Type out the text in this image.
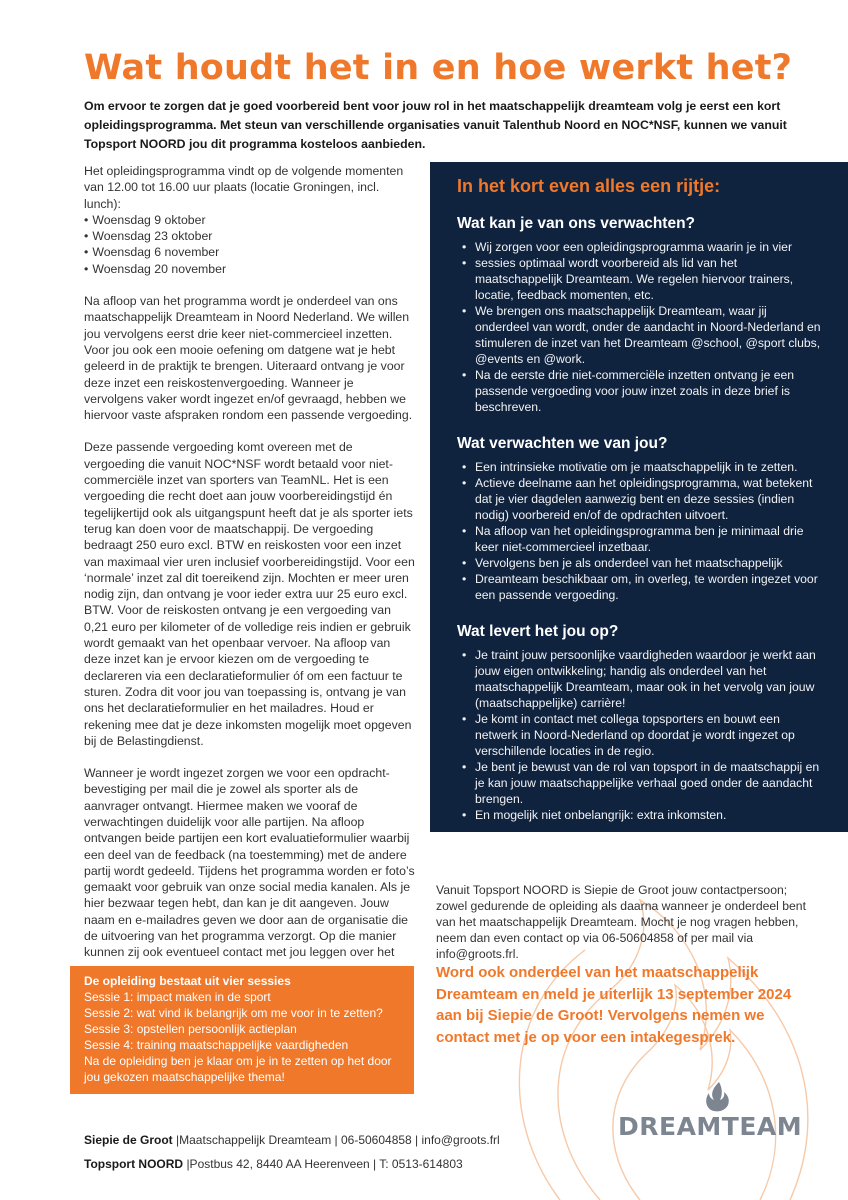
Wat houdt het in en hoe werkt het?

Om ervoor te zorgen dat je goed voorbereid bent voor jouw rol in het maatschappelijk dreamteam volg je eerst een kort opleidingsprogramma. Met steun van verschillende organisaties vanuit Talenthub Noord en NOC*NSF, kunnen we vanuit Topsport NOORD jou dit programma kosteloos aanbieden.

Het opleidingsprogramma vindt op de volgende momenten van 12.00 tot 16.00 uur plaats (locatie Groningen, incl. lunch):
• Woensdag 9 oktober
• Woensdag 23 oktober
• Woensdag 6 november
• Woensdag 20 november

Na afloop van het programma wordt je onderdeel van ons maatschappelijk Dreamteam in Noord Nederland. We willen jou vervolgens eerst drie keer niet-commercieel inzetten. Voor jou ook een mooie oefening om datgene wat je hebt geleerd in de praktijk te brengen. Uiteraard ontvang je voor deze inzet een reiskostenvergoeding. Wanneer je vervolgens vaker wordt ingezet en/of gevraagd, hebben we hiervoor vaste afspraken rondom een passende vergoeding.

Deze passende vergoeding komt overeen met de vergoeding die vanuit NOC*NSF wordt betaald voor niet-commerciële inzet van sporters van TeamNL. Het is een vergoeding die recht doet aan jouw voorbereidingstijd én tegelijkertijd ook als uitgangspunt heeft dat je als sporter iets terug kan doen voor de maatschappij. De vergoeding bedraagt 250 euro excl. BTW en reiskosten voor een inzet van maximaal vier uren inclusief voorbereidingstijd. Voor een ‘normale’ inzet zal dit toereikend zijn. Mochten er meer uren nodig zijn, dan ontvang je voor ieder extra uur 25 euro excl. BTW. Voor de reiskosten ontvang je een vergoeding van 0,21 euro per kilometer of de volledige reis indien er gebruik wordt gemaakt van het openbaar vervoer. Na afloop van deze inzet kan je ervoor kiezen om de vergoeding te declareren via een declaratieformulier óf om een factuur te sturen. Zodra dit voor jou van toepassing is, ontvang je van ons het declaratieformulier en het mailadres. Houd er rekening mee dat je deze inkomsten mogelijk moet opgeven bij de Belastingdienst.

Wanneer je wordt ingezet zorgen we voor een opdracht-bevestiging per mail die je zowel als sporter als de aanvrager ontvangt. Hiermee maken we vooraf de verwachtingen duidelijk voor alle partijen. Na afloop ontvangen beide partijen een kort evaluatieformulier waarbij een deel van de feedback (na toestemming) met de andere partij wordt gedeeld. Tijdens het programma worden er foto’s gemaakt voor gebruik van onze social media kanalen. Als je hier bezwaar tegen hebt, dan kan je dit aangeven. Jouw naam en e-mailadres geven we door aan de organisatie die de uitvoering van het programma verzorgt. Op die manier kunnen zij ook eventueel contact met jou leggen over het

De opleiding bestaat uit vier sessies
Sessie 1: impact maken in de sport
Sessie 2: wat vind ik belangrijk om me voor in te zetten?
Sessie 3: opstellen persoonlijk actieplan
Sessie 4: training maatschappelijke vaardigheden
Na de opleiding ben je klaar om je in te zetten op het door jou gekozen maatschappelijke thema!
In het kort even alles een rijtje:
Wat kan je van ons verwachten?
• Wij zorgen voor een opleidingsprogramma waarin je in vier
• sessies optimaal wordt voorbereid als lid van het maatschappelijk Dreamteam. We regelen hiervoor trainers, locatie, feedback momenten, etc.
• We brengen ons maatschappelijk Dreamteam, waar jij onderdeel van wordt, onder de aandacht in Noord-Nederland en stimuleren de inzet van het Dreamteam @school, @sport clubs, @events en @work.
• Na de eerste drie niet-commerciële inzetten ontvang je een passende vergoeding voor jouw inzet zoals in deze brief is beschreven.
Wat verwachten we van jou?
• Een intrinsieke motivatie om je maatschappelijk in te zetten.
• Actieve deelname aan het opleidingsprogramma, wat betekent dat je vier dagdelen aanwezig bent en deze sessies (indien nodig) voorbereid en/of de opdrachten uitvoert.
• Na afloop van het opleidingsprogramma ben je minimaal drie keer niet-commercieel inzetbaar.
• Vervolgens ben je als onderdeel van het maatschappelijk
• Dreamteam beschikbaar om, in overleg, te worden ingezet voor een passende vergoeding.
Wat levert het jou op?
• Je traint jouw persoonlijke vaardigheden waardoor je werkt aan jouw eigen ontwikkeling; handig als onderdeel van het maatschappelijk Dreamteam, maar ook in het vervolg van jouw (maatschappelijke) carrière!
• Je komt in contact met collega topsporters en bouwt een netwerk in Noord-Nederland op doordat je wordt ingezet op verschillende locaties in de regio.
• Je bent je bewust van de rol van topsport in de maatschappij en je kan jouw maatschappelijke verhaal goed onder de aandacht brengen.
• En mogelijk niet onbelangrijk: extra inkomsten.

Vanuit Topsport NOORD is Siepie de Groot jouw contactpersoon; zowel gedurende de opleiding als daarna wanneer je onderdeel bent van het maatschappelijk Dreamteam. Mocht je nog vragen hebben, neem dan even contact op via 06-50604858 of per mail via info@groots.frl.

Word ook onderdeel van het maatschappelijk Dreamteam en meld je uiterlijk 13 september 2024 aan bij Siepie de Groot! Vervolgens nemen we contact met je op voor een intakegesprek.

DREAMTEAM
Siepie de Groot |Maatschappelijk Dreamteam | 06-50604858 | info@groots.frl
Topsport NOORD |Postbus 42, 8440 AA Heerenveen | T: 0513-614803
